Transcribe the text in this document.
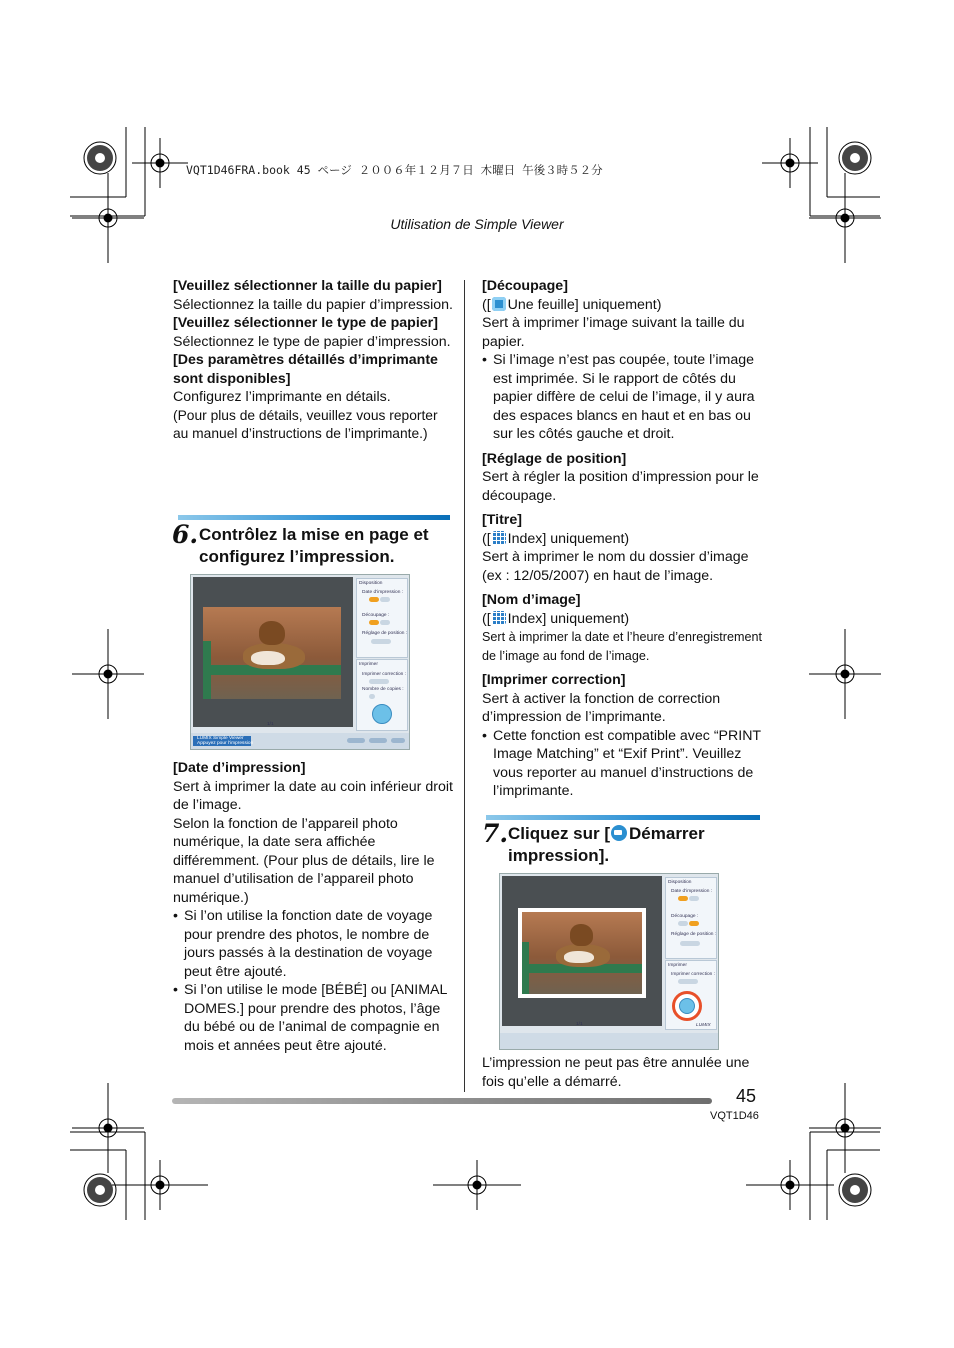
VQT1D46FRA.book 45 ページ ２００６年１２月７日 木曜日 午後３時５２分
Utilisation de Simple Viewer

[Veuillez sélectionner la taille du papier]

Sélectionnez la taille du papier d’impression.

[Veuillez sélectionner le type de papier]

Sélectionnez le type de papier d’impression.

[Des paramètres détaillés d’imprimante sont disponibles]

Configurez l’imprimante en détails.

(Pour plus de détails, veuillez vous reporter au manuel d’instructions de l’imprimante.)

6. Contrôlez la mise en page et configurez l’impression.
Disposition
Date d’impression :
Découpage :
Réglage de position :
Imprimer
Imprimer correction :
Nombre de copies :
1/1
LUMIX Simple Viewer
Appuyez pour l’impression

[Date d’impression]

Sert à imprimer la date au coin inférieur droit de l’image.

Selon la fonction de l’appareil photo numérique, la date sera affichée différemment. (Pour plus de détails, lire le manuel d’utilisation de l’appareil photo numérique.)

• Si l’on utilise la fonction date de voyage pour prendre des photos, le nombre de jours passés à la destination de voyage peut être ajouté.

• Si l’on utilise le mode [BÉBÉ] ou [ANIMAL DOMES.] pour prendre des photos, l’âge du bébé ou de l’animal de compagnie en mois et années peut être ajouté.

[Découpage]

([ Une feuille] uniquement)

Sert à imprimer l’image suivant la taille du papier.

• Si l’image n’est pas coupée, toute l’image est imprimée. Si le rapport de côtés du papier diffère de celui de l’image, il y aura des espaces blancs en haut et en bas ou sur les côtés gauche et droit.

[Réglage de position]

Sert à régler la position d’impression pour le découpage.

[Titre]

([ Index] uniquement)

Sert à imprimer le nom du dossier d’image (ex : 12/05/2007) en haut de l’image.

[Nom d’image]

([ Index] uniquement)

Sert à imprimer la date et l’heure d’enregistrement de l’image au fond de l’image.

[Imprimer correction]

Sert à activer la fonction de correction d’impression de l’imprimante.

• Cette fonction est compatible avec “PRINT Image Matching” et “Exif Print”. Veuillez vous reporter au manuel d’instructions de l’imprimante.

7. Cliquez sur [ Démarrer impression].
Disposition
Date d’impression :
Découpage :
Réglage de position :
Imprimer
Imprimer correction :
1/1	LUMIX
L’impression ne peut pas être annulée une fois qu’elle a démarré.
45
VQT1D46
